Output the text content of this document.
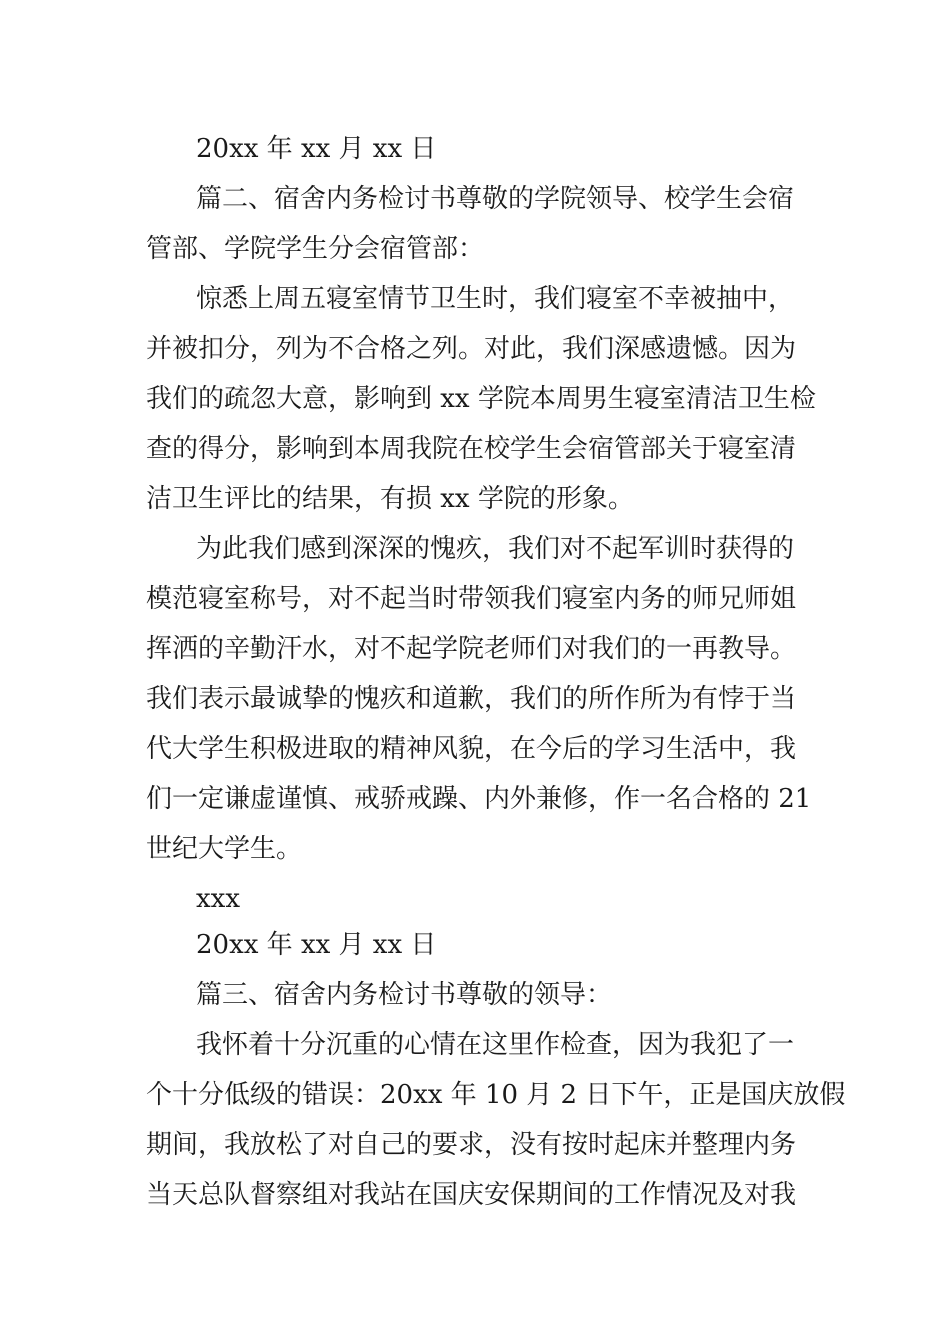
20xx 年 xx 月 xx 日
篇二、宿舍内务检讨书尊敬的学院领导、校学生会宿
管部、学院学生分会宿管部：
惊悉上周五寝室情节卫生时，我们寝室不幸被抽中，
并被扣分，列为不合格之列。对此，我们深感遗憾。因为
我们的疏忽大意，影响到 xx 学院本周男生寝室清洁卫生检
查的得分，影响到本周我院在校学生会宿管部关于寝室清
洁卫生评比的结果，有损 xx 学院的形象。
为此我们感到深深的愧疚，我们对不起军训时获得的
模范寝室称号，对不起当时带领我们寝室内务的师兄师姐
挥洒的辛勤汗水，对不起学院老师们对我们的一再教导。
我们表示最诚挚的愧疚和道歉，我们的所作所为有悖于当
代大学生积极进取的精神风貌，在今后的学习生活中，我
们一定谦虚谨慎、戒骄戒躁、内外兼修，作一名合格的 21
世纪大学生。
xxx
20xx 年 xx 月 xx 日
篇三、宿舍内务检讨书尊敬的领导：
我怀着十分沉重的心情在这里作检查，因为我犯了一
个十分低级的错误：20xx 年 10 月 2 日下午，正是国庆放假
期间，我放松了对自己的要求，没有按时起床并整理内务
当天总队督察组对我站在国庆安保期间的工作情况及对我
